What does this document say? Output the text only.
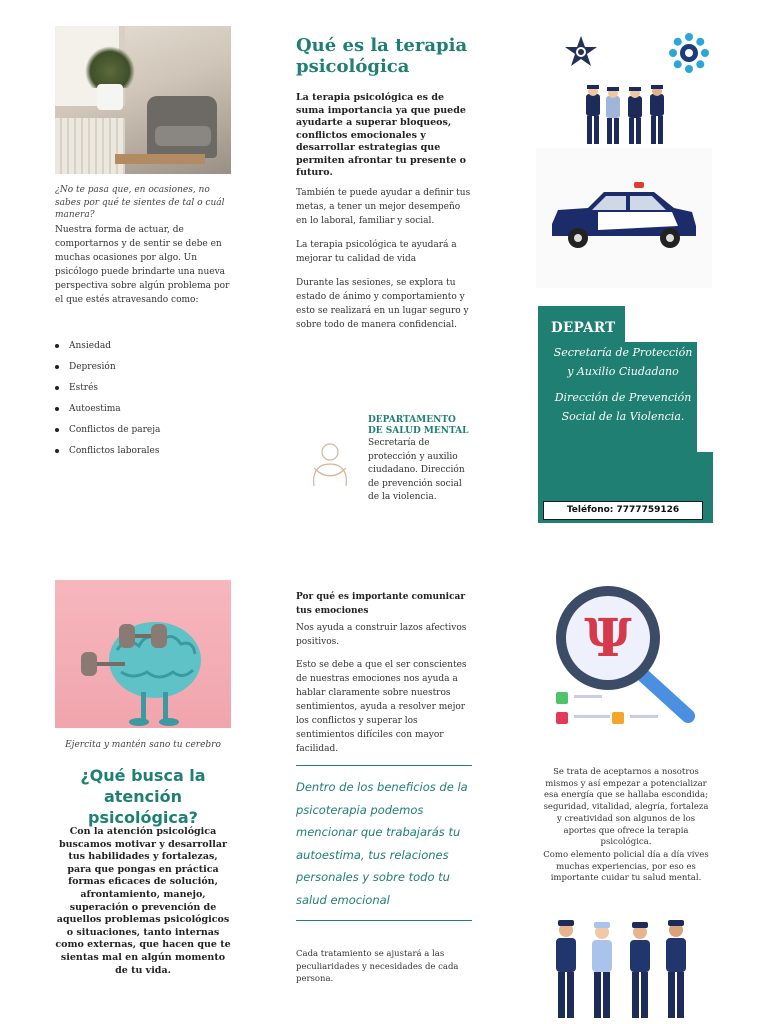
¿No te pasa que, en ocasiones, no sabes por qué te sientes de tal o cuál manera?

Nuestra forma de actuar, de comportarnos y de sentir se debe en muchas ocasiones por algo. Un psicólogo puede brindarte una nueva perspectiva sobre algún problema por el que estés atravesando como:

Ansiedad
Depresión
Estrés
Autoestima
Conflictos de pareja
Conflictos laborales
Qué es la terapia psicológica

La terapia psicológica es de suma importancia ya que puede ayudarte a superar bloqueos, conflictos emocionales y desarrollar estrategias que permiten afrontar tu presente o futuro.

También te puede ayudar a definir tus metas, a tener un mejor desempeño en lo laboral, familiar y social.

La terapia psicológica te ayudará a mejorar tu calidad de vida

Durante las sesiones, se explora tu estado de ánimo y comportamiento y esto se realizará en un lugar seguro y sobre todo de manera confidencial.

DEPARTAMENTO DE SALUD MENTAL

Secretaría de protección y auxilio ciudadano. Dirección de prevención social de la violencia.

DEPART

Secretaría de Protección y Auxilio Ciudadano

Dirección de Prevención Social de la Violencia.

Teléfono: 7777759126

Ejercita y mantén sano tu cerebro

¿Qué busca la atención psicológica?

Con la atención psicológica buscamos motivar y desarrollar tus habilidades y fortalezas, para que pongas en práctica formas eficaces de solución, afrontamiento, manejo, superación o prevención de aquellos problemas psicológicos o situaciones, tanto internas como externas, que hacen que te sientas mal en algún momento de tu vida.

Por qué es importante comunicar tus emociones

Nos ayuda a construir lazos afectivos positivos.

Esto se debe a que el ser conscientes de nuestras emociones nos ayuda a hablar claramente sobre nuestros sentimientos, ayuda a resolver mejor los conflictos y superar los sentimientos difíciles con mayor facilidad.

Dentro de los beneficios de la psicoterapia podemos mencionar que trabajarás tu autoestima, tus relaciones personales y sobre todo tu salud emocional

Cada tratamiento se ajustará a las peculiaridades y necesidades de cada persona.

Ψ

Se trata de aceptarnos a nosotros mismos y así empezar a potencializar esa energía que se hallaba escondida; seguridad, vitalidad, alegría, fortaleza y creatividad son algunos de los aportes que ofrece la terapia psicológica.

Como elemento policial día a día vives muchas experiencias, por eso es importante cuidar tu salud mental.
